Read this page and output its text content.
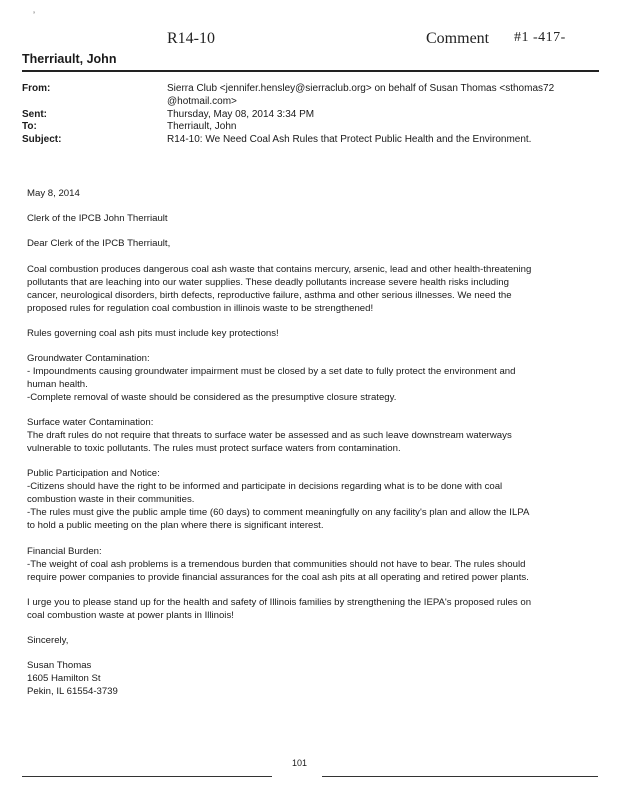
’
R14-10	Comment #1 -417-
Therriault, John
From:	Sierra Club <jennifer.hensley@sierraclub.org> on behalf of Susan Thomas <sthomas72 @hotmail.com>
Sent:	Thursday, May 08, 2014 3:34 PM
To:	Therriault, John
Subject:	R14-10: We Need Coal Ash Rules that Protect Public Health and the Environment.

May 8, 2014

Clerk of the IPCB John Therriault

Dear Clerk of the IPCB Therriault,

Coal combustion produces dangerous coal ash waste that contains mercury, arsenic, lead and other health-threatening
pollutants that are leaching into our water supplies. These deadly pollutants increase severe health risks including
cancer, neurological disorders, birth defects, reproductive failure, asthma and other serious illnesses. We need the
proposed rules for regulation coal combustion in illinois waste to be strengthened!

Rules governing coal ash pits must include key protections!

Groundwater Contamination:
- Impoundments causing groundwater impairment must be closed by a set date to fully protect the environment and
human health.
-Complete removal of waste should be considered as the presumptive closure strategy.
Surface water Contamination:
The draft rules do not require that threats to surface water be assessed and as such leave downstream waterways
vulnerable to toxic pollutants. The rules must protect surface waters from contamination.
Public Participation and Notice:
-Citizens should have the right to be informed and participate in decisions regarding what is to be done with coal
combustion waste in their communities.
-The rules must give the public ample time (60 days) to comment meaningfully on any facility's plan and allow the ILPA
to hold a public meeting on the plan where there is significant interest.
Financial Burden:
-The weight of coal ash problems is a tremendous burden that communities should not have to bear. The rules should
require power companies to provide financial assurances for the coal ash pits at all operating and retired power plants.
I urge you to please stand up for the health and safety of Illinois families by strengthening the IEPA's proposed rules on
coal combustion waste at power plants in Illinois!

Sincerely,

Susan Thomas
1605 Hamilton St
Pekin, IL 61554-3739
101
